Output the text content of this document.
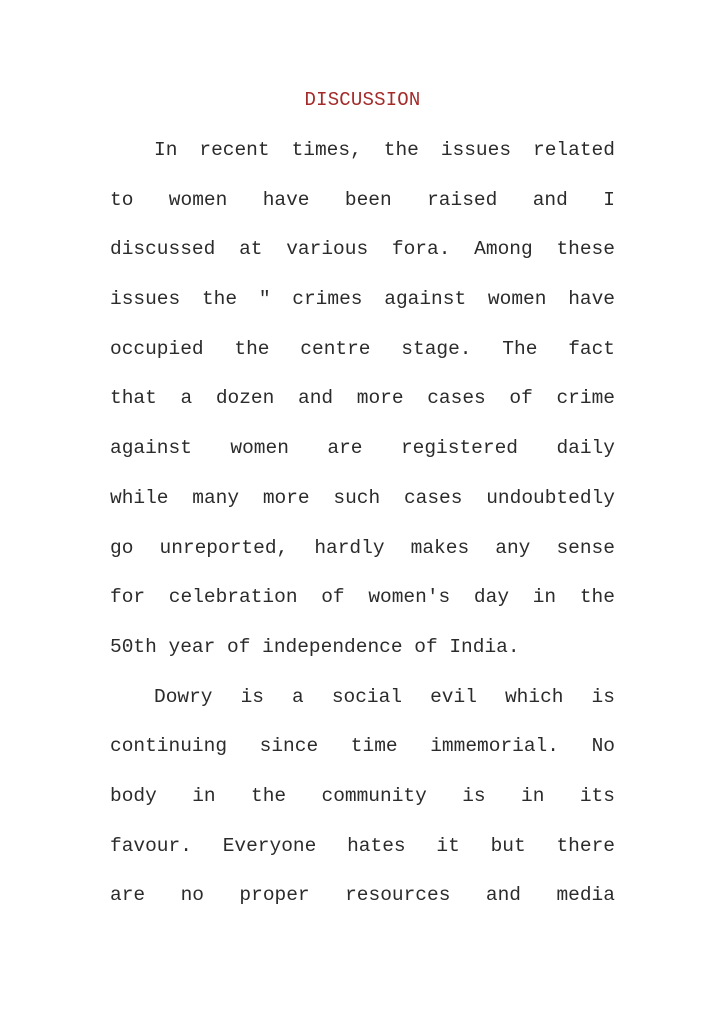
DISCUSSION
In recent times, the issues related
to women have been raised and I
discussed at various fora. Among these
issues the " crimes against women have
occupied the centre stage. The fact
that a dozen and more cases of crime
against women are registered daily
while many more such cases undoubtedly
go unreported, hardly makes any sense
for celebration of women's day in the
50th year of independence of India.
Dowry is a social evil which is
continuing since time immemorial. No
body in the community is in its
favour. Everyone hates it but there
are no proper resources and media
